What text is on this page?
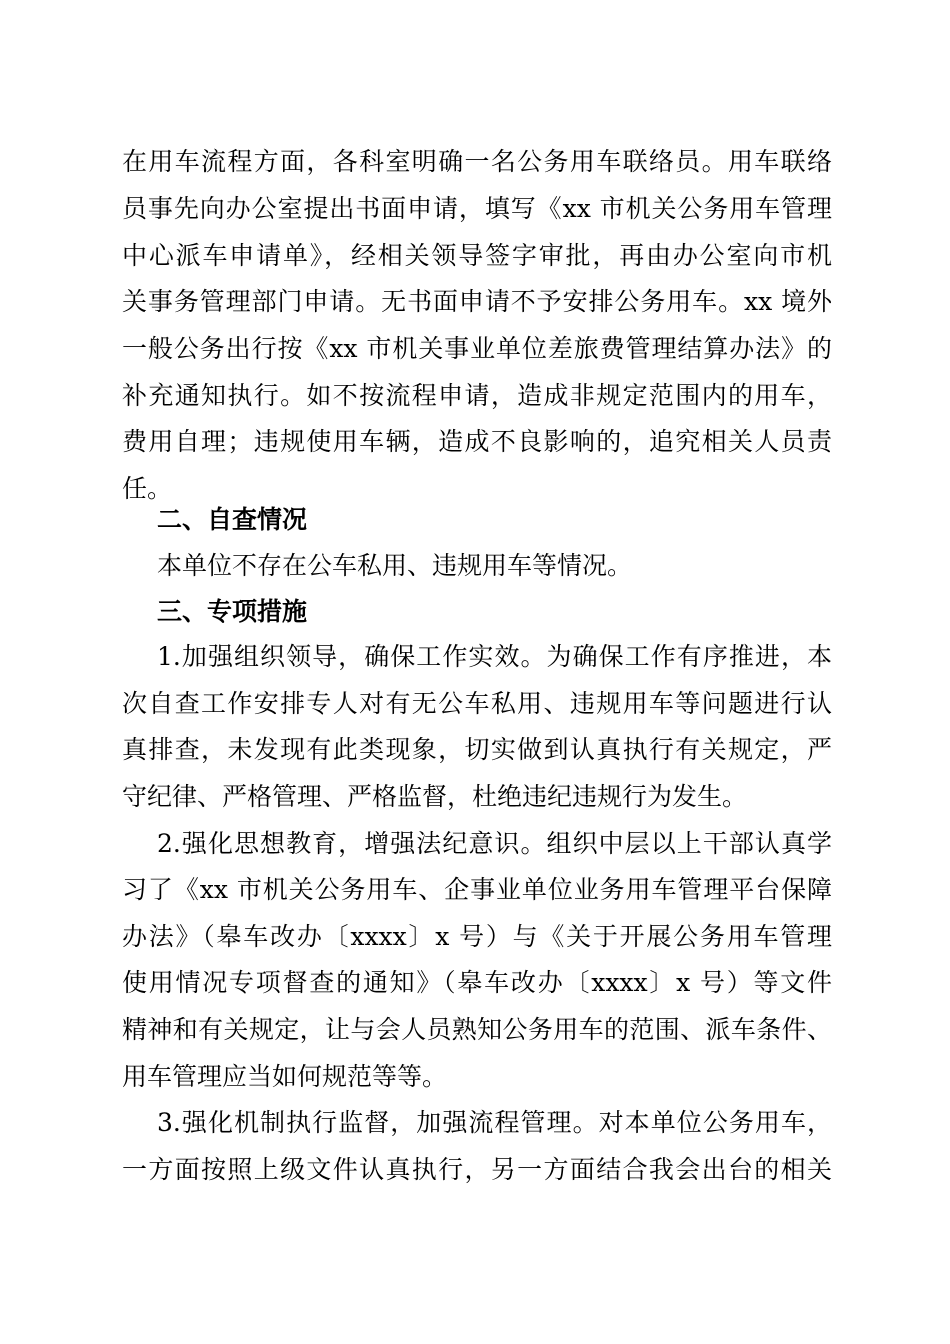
在用车流程方面，各科室明确一名公务用车联络员。用车联络
员事先向办公室提出书面申请，填写《xx 市机关公务用车管理
中心派车申请单》，经相关领导签字审批，再由办公室向市机
关事务管理部门申请。无书面申请不予安排公务用车。xx 境外
一般公务出行按《xx 市机关事业单位差旅费管理结算办法》的
补充通知执行。如不按流程申请，造成非规定范围内的用车，
费用自理；违规使用车辆，造成不良影响的，追究相关人员责
任。
二、自查情况
本单位不存在公车私用、违规用车等情况。
三、专项措施
1.加强组织领导，确保工作实效。为确保工作有序推进，本
次自查工作安排专人对有无公车私用、违规用车等问题进行认
真排查，未发现有此类现象，切实做到认真执行有关规定，严
守纪律、严格管理、严格监督，杜绝违纪违规行为发生。
2.强化思想教育，增强法纪意识。组织中层以上干部认真学
习了《xx 市机关公务用车、企事业单位业务用车管理平台保障
办法》（皋车改办〔xxxx〕x 号）与《关于开展公务用车管理
使用情况专项督查的通知》（皋车改办〔xxxx〕x 号）等文件
精神和有关规定，让与会人员熟知公务用车的范围、派车条件、
用车管理应当如何规范等等。
3.强化机制执行监督，加强流程管理。对本单位公务用车，
一方面按照上级文件认真执行，另一方面结合我会出台的相关
